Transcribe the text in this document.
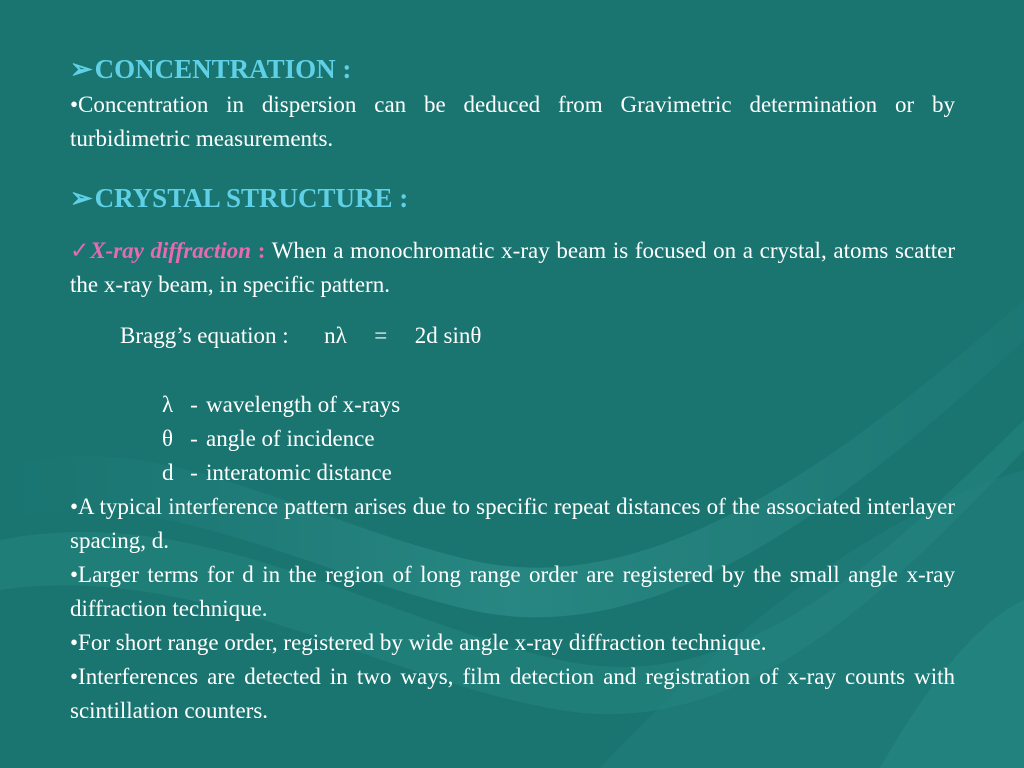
➢CONCENTRATION :
•Concentration in dispersion can be deduced from Gravimetric determination or by turbidimetric measurements.
➢CRYSTAL STRUCTURE :
✓X-ray diffraction : When a monochromatic x-ray beam is focused on a crystal, atoms scatter the x-ray beam, in specific pattern.
Bragg’s equation : nλ = 2d sinθ
λ - wavelength of x-rays
θ - angle of incidence
d - interatomic distance
•A typical interference pattern arises due to specific repeat distances of the associated interlayer spacing, d.
•Larger terms for d in the region of long range order are registered by the small angle x-ray diffraction technique.
•For short range order, registered by wide angle x-ray diffraction technique.
•Interferences are detected in two ways, film detection and registration of x-ray counts with scintillation counters.
